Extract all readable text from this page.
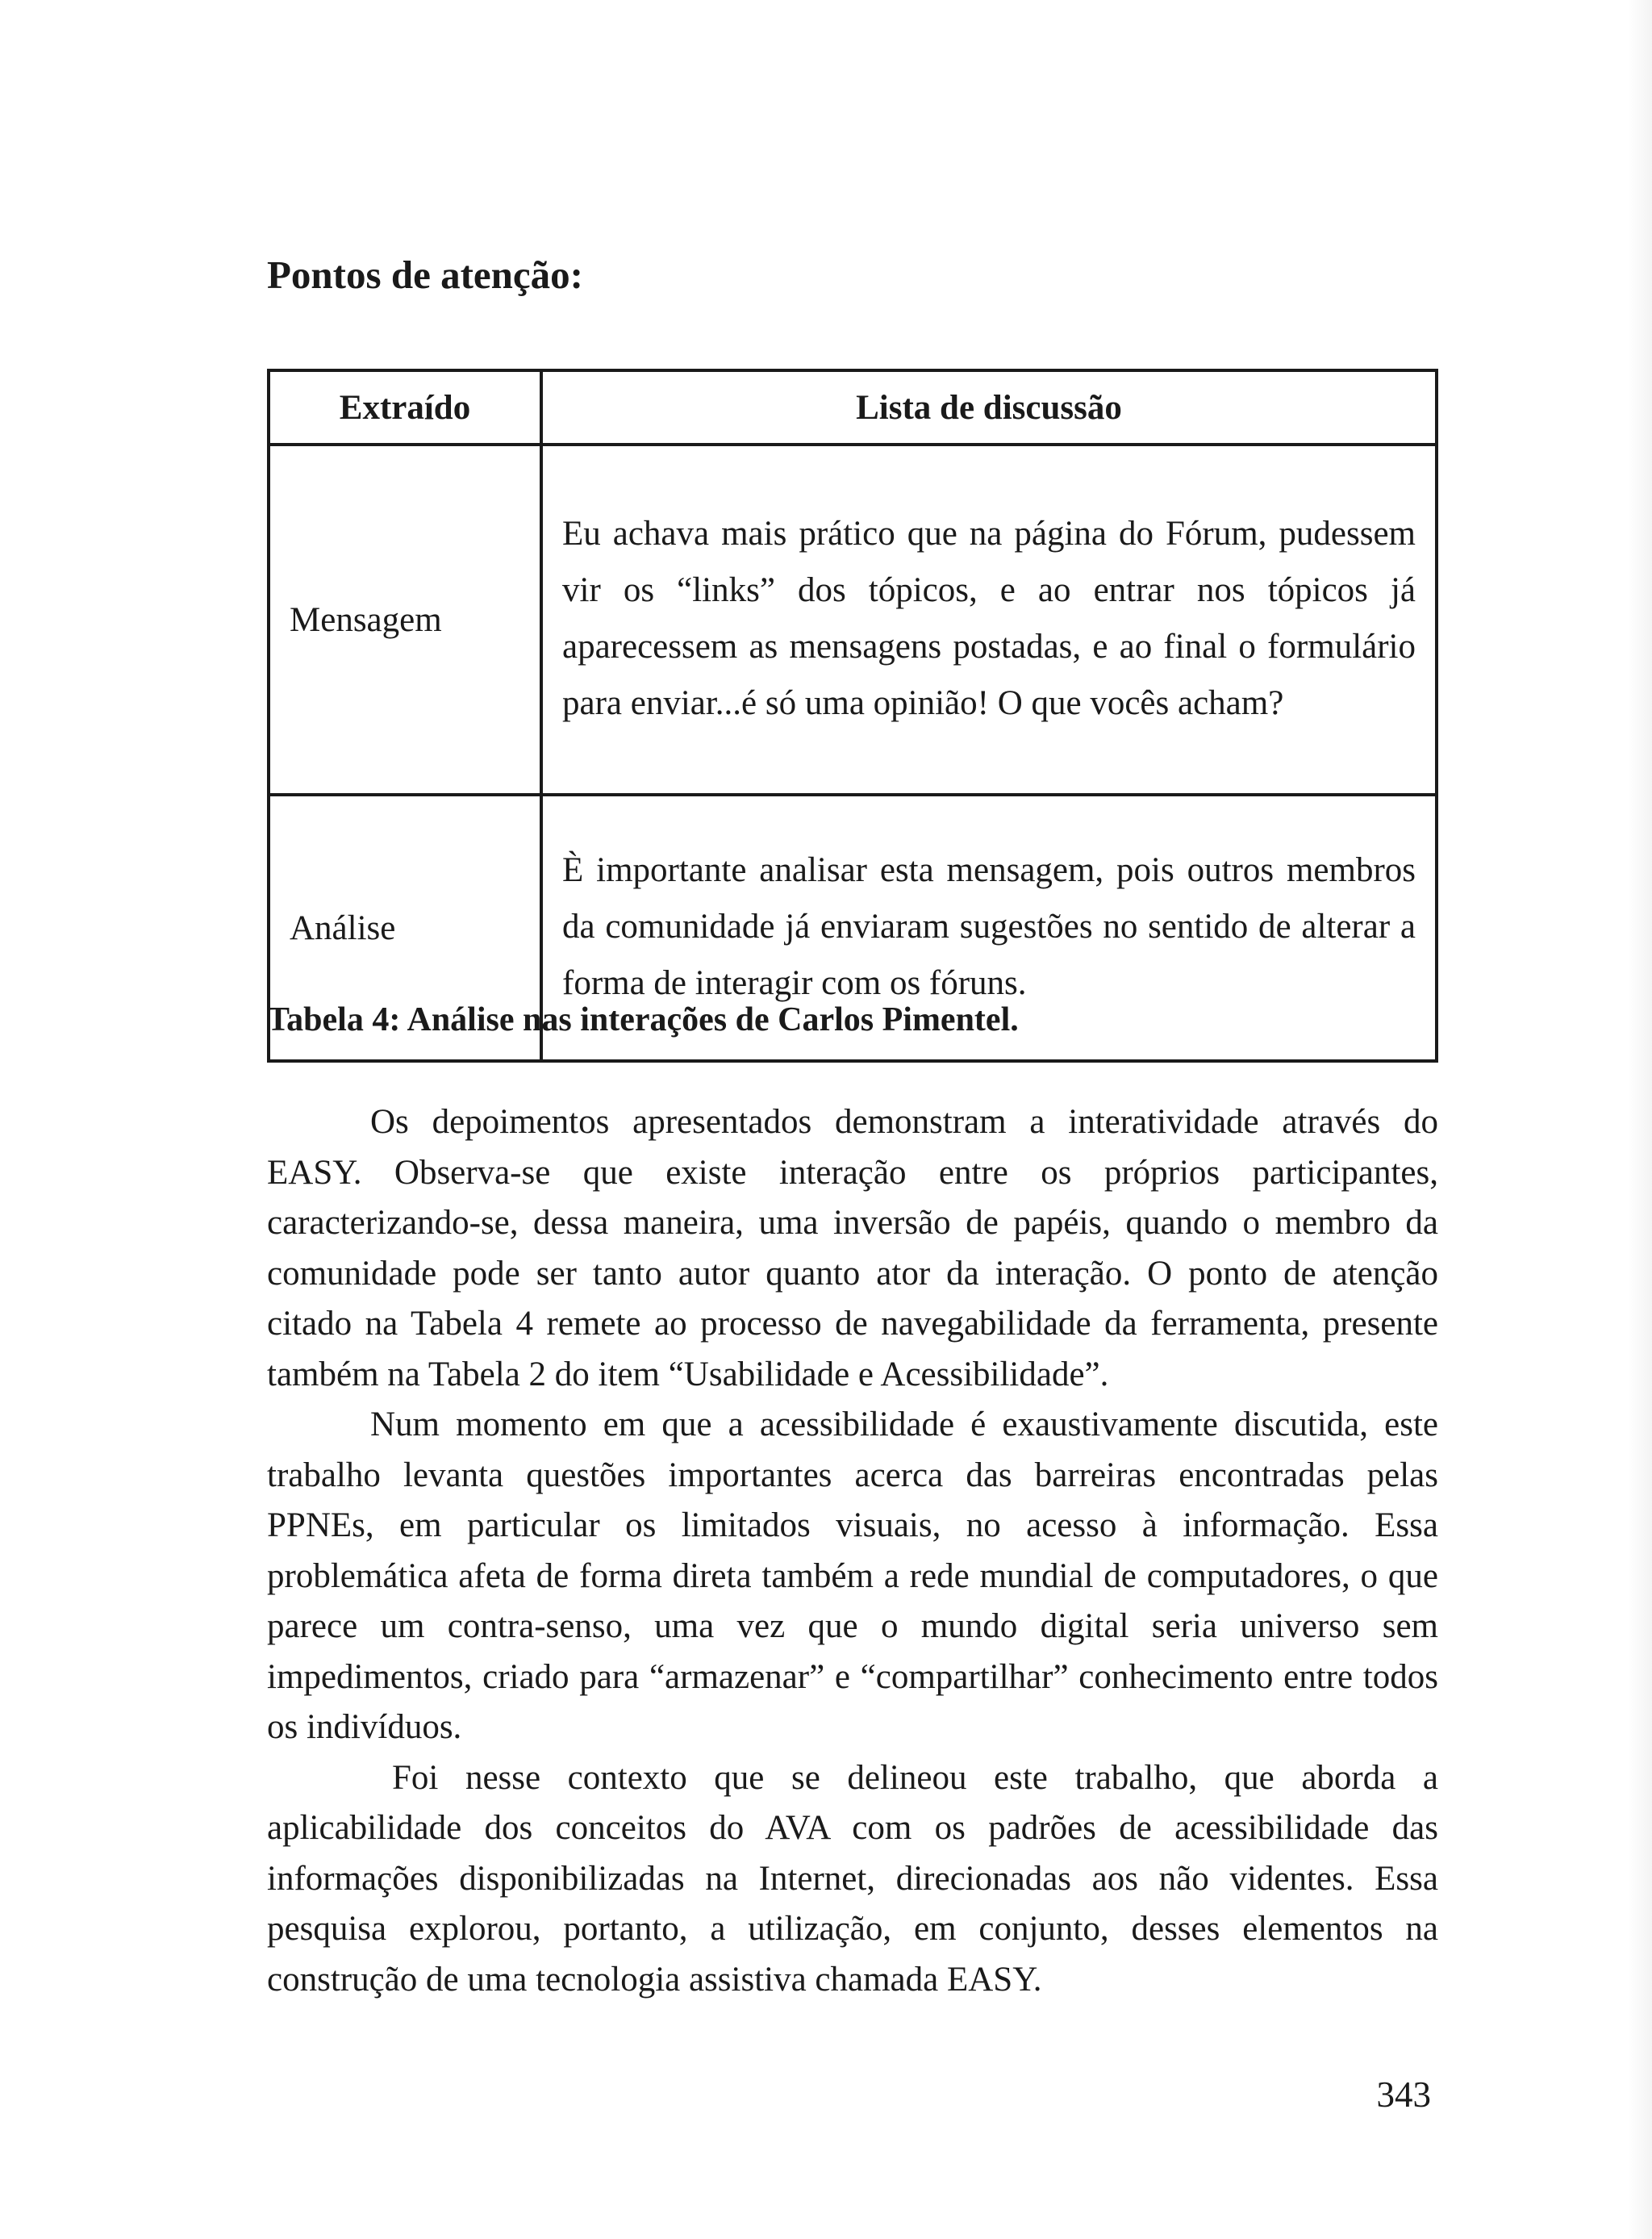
Pontos de atenção:
Extraído	Lista de discussão
Mensagem	Eu achava mais prático que na página do Fórum, pudessem vir os “links” dos tópicos, e ao entrar nos tópicos já aparecessem as mensagens postadas, e ao final o formulário para enviar...é só uma opinião! O que vocês acham?
Análise	È importante analisar esta mensagem, pois outros membros da comunidade já enviaram sugestões no sentido de alterar a forma de interagir com os fóruns.
Tabela 4: Análise nas interações de Carlos Pimentel.

Os depoimentos apresentados demonstram a interatividade através do EASY. Observa-se que existe interação entre os próprios participantes, caracterizando-se, dessa maneira, uma inversão de papéis, quando o membro da comunidade pode ser tanto autor quanto ator da interação. O ponto de atenção citado na Tabela 4 remete ao processo de navegabilidade da ferramenta, presente também na Tabela 2 do item “Usabilidade e Acessibilidade”.

Num momento em que a acessibilidade é exaustivamente discutida, este trabalho levanta questões importantes acerca das barreiras encontradas pelas PPNEs, em particular os limitados visuais, no acesso à informação. Essa problemática afeta de forma direta também a rede mundial de computadores, o que parece um contra-senso, uma vez que o mundo digital seria universo sem impedimentos, criado para “armazenar” e “compartilhar” conhecimento entre todos os indivíduos.

Foi nesse contexto que se delineou este trabalho, que aborda a aplicabilidade dos conceitos do AVA com os padrões de acessibilidade das informações disponibilizadas na Internet, direcionadas aos não videntes. Essa pesquisa explorou, portanto, a utilização, em conjunto, desses elementos na construção de uma tecnologia assistiva chamada EASY.

343
